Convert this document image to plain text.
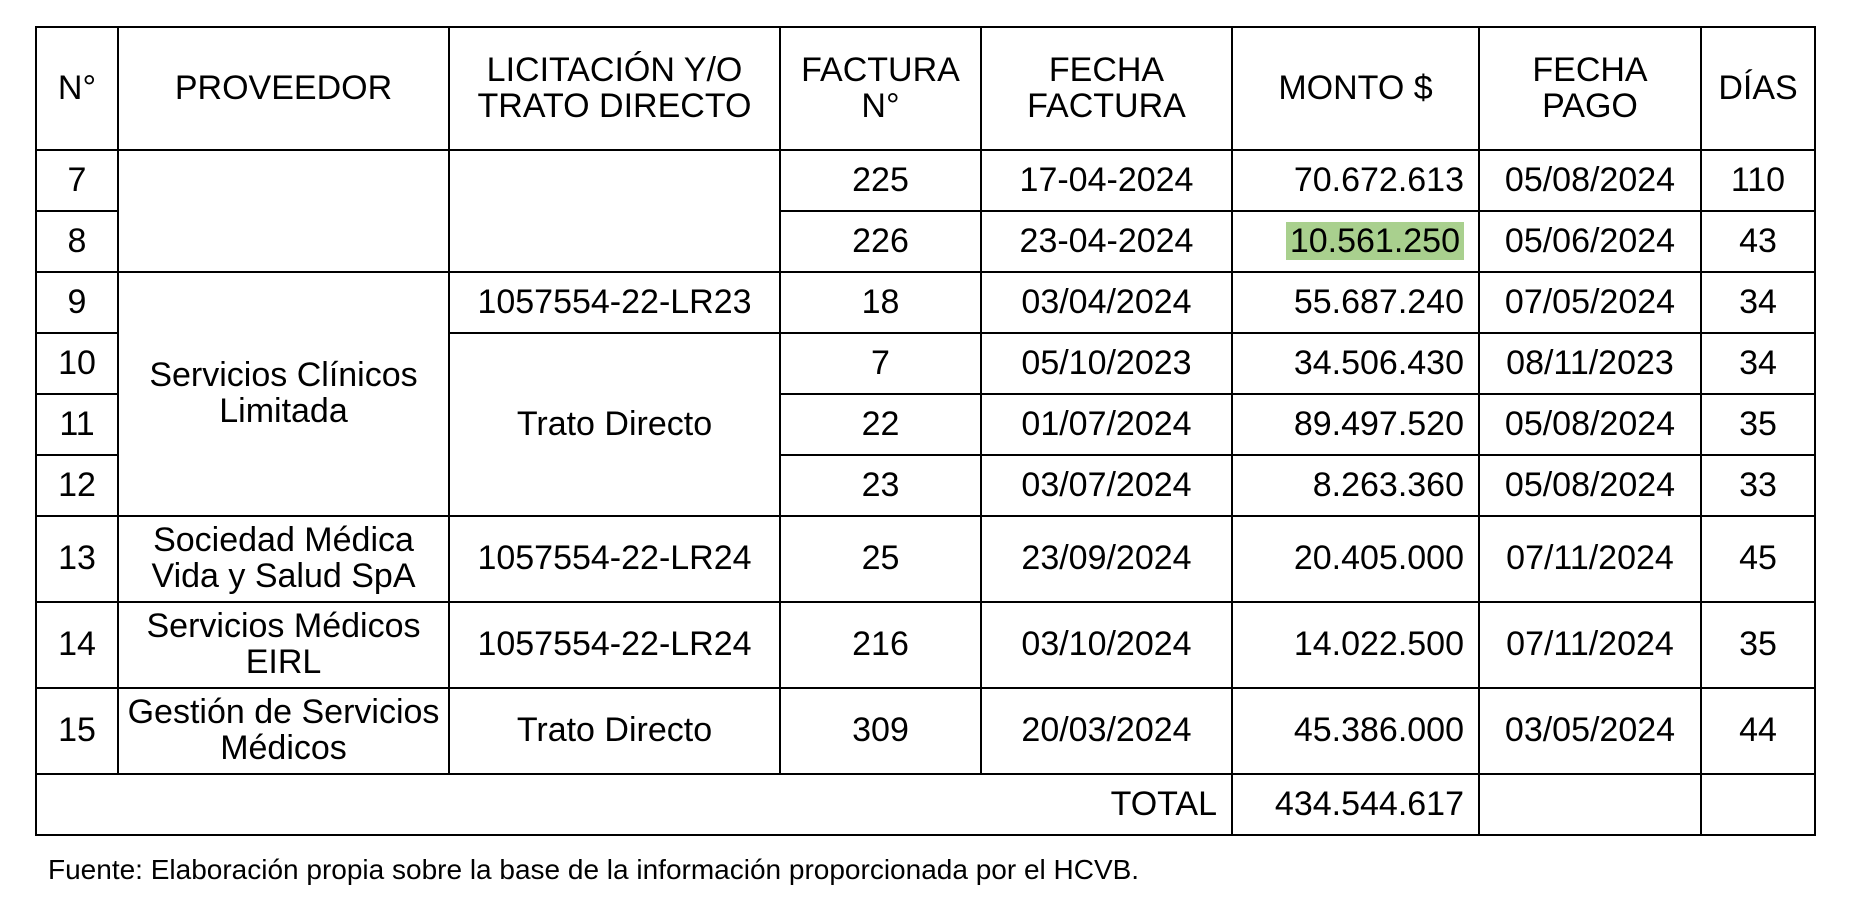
N°	PROVEEDOR	LICITACIÓN Y/O TRATO DIRECTO	FACTURA N°	FECHA FACTURA	MONTO $	FECHA PAGO	DÍAS
7			225	17-04-2024	70.672.613	05/08/2024	110
8			226	23-04-2024	10.561.250	05/06/2024	43
9	Servicios Clínicos Limitada	1057554-22-LR23	18	03/04/2024	55.687.240	07/05/2024	34
10		Trato Directo	7	05/10/2023	34.506.430	08/11/2023	34
11			22	01/07/2024	89.497.520	05/08/2024	35
12			23	03/07/2024	8.263.360	05/08/2024	33
13	Sociedad Médica Vida y Salud SpA	1057554-22-LR24	25	23/09/2024	20.405.000	07/11/2024	45
14	Servicios Médicos EIRL	1057554-22-LR24	216	03/10/2024	14.022.500	07/11/2024	35
15	Gestión de Servicios Médicos	Trato Directo	309	20/03/2024	45.386.000	03/05/2024	44
TOTAL					434.544.617		
Fuente: Elaboración propia sobre la base de la información proporcionada por el HCVB.
